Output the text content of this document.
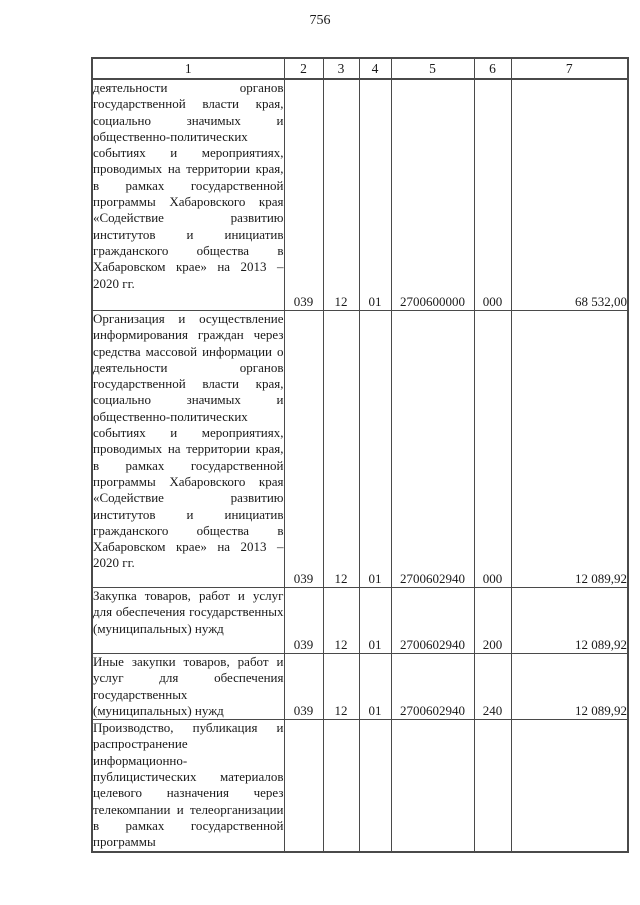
756
1	2	3	4	5	6	7
деятельности органов государственной власти края, социально значимых и общественно-политических событиях и мероприятиях, проводимых на территории края, в рамках государственной программы Хабаровского края «Содействие развитию институтов и инициатив гражданского общества в Хабаровском крае» на 2013 – 2020 гг.	039	12	01	2700600000	000	68 532,00
Организация и осуществление информирования граждан через средства массовой информации о деятельности органов государственной власти края, социально значимых и общественно-политических событиях и мероприятиях, проводимых на территории края, в рамках государственной программы Хабаровского края «Содействие развитию институтов и инициатив гражданского общества в Хабаровском крае» на 2013 – 2020 гг.	039	12	01	2700602940	000	12 089,92
Закупка товаров, работ и услуг для обеспечения государственных (муниципальных) нужд	039	12	01	2700602940	200	12 089,92
Иные закупки товаров, работ и услуг для обеспечения государственных (муниципальных) нужд	039	12	01	2700602940	240	12 089,92
Производство, публикация и распространение информационно-публицистических материалов целевого назначения через телекомпании и телеорганизации в рамках государственной программы						
